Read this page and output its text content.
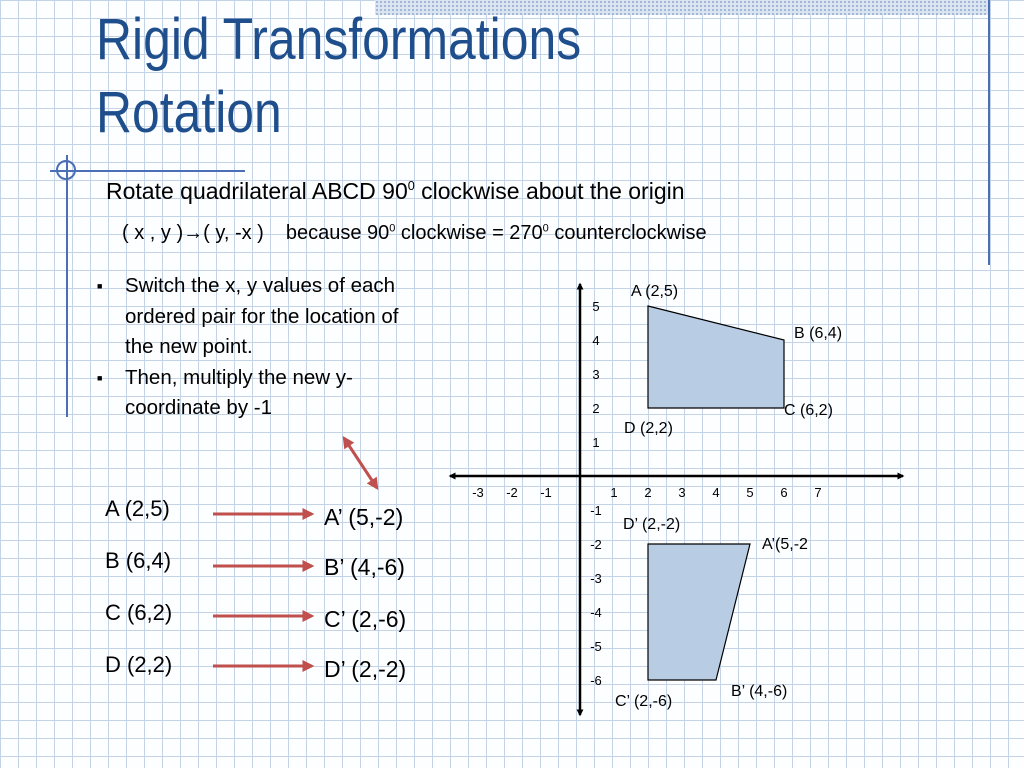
Rigid Transformations
Rotation
Rotate quadrilateral ABCD $90^0$ clockwise about the origin
( x , y )→( y, -x ) because $90^0$ clockwise = $270^0$ counterclockwise
■
Switch the x, y values of each ordered pair for the location of the new point.
■
Then, multiply the new y-coordinate by -1
A (2,5)
B (6,4)
C (6,2)
D (2,2)
A’ (5,-2)
B’ (4,-6)
C’ (2,-6)
D’ (2,-2)
-3 -2 -1	1 2 3 4 5 6 7
5
4
3
2
1
-1
-2
-3
-4
-5
-6
A (2,5)
B (6,4)
C (6,2)
D (2,2)
A’(5,-2
B’ (4,-6)
C’ (2,-6)
D’ (2,-2)
